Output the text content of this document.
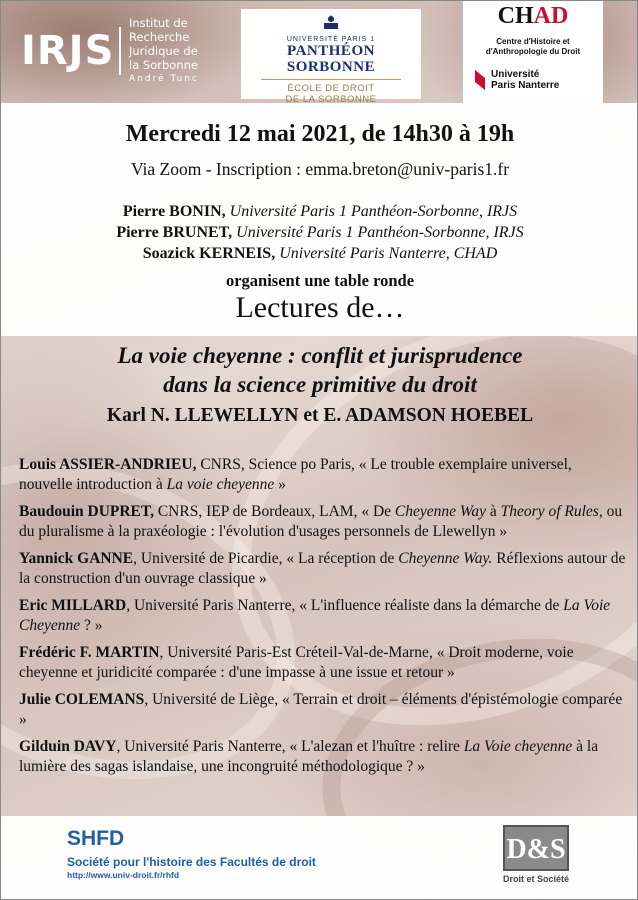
IRJS
Institut de
Recherche
Juridique de
la Sorbonne
André Tunc
UNIVERSITÉ PARIS 1
PANTHÉON SORBONNE
ÉCOLE DE DROIT
DE LA SORBONNE
CHAD
Centre d'Histoire et
d'Anthropologie du Droit
Université
Paris Nanterre
Mercredi 12 mai 2021, de 14h30 à 19h
Via Zoom - Inscription : emma.breton@univ-paris1.fr
Pierre BONIN, Université Paris 1 Panthéon-Sorbonne, IRJS
Pierre BRUNET, Université Paris 1 Panthéon-Sorbonne, IRJS
Soazick KERNEIS, Université Paris Nanterre, CHAD
organisent une table ronde
Lectures de…
La voie cheyenne : conflit et jurisprudence
dans la science primitive du droit
Karl N. LLEWELLYN et E. ADAMSON HOEBEL
Louis ASSIER-ANDRIEU, CNRS, Science po Paris, « Le trouble exemplaire universel, nouvelle introduction à La voie cheyenne »
Baudouin DUPRET, CNRS, IEP de Bordeaux, LAM, « De Cheyenne Way à Theory of Rules, ou du pluralisme à la praxéologie : l'évolution d'usages personnels de Llewellyn »
Yannick GANNE, Université de Picardie, « La réception de Cheyenne Way. Réflexions autour de la construction d'un ouvrage classique »
Eric MILLARD, Université Paris Nanterre, « L'influence réaliste dans la démarche de La Voie Cheyenne ? »
Frédéric F. MARTIN, Université Paris-Est Créteil-Val-de-Marne, « Droit moderne, voie cheyenne et juridicité comparée : d'une impasse à une issue et retour »
Julie COLEMANS, Université de Liège, « Terrain et droit – éléments d'épistémologie comparée »
Gilduin DAVY, Université Paris Nanterre, « L'alezan et l'huître : relire La Voie cheyenne à la lumière des sagas islandaise, une incongruité méthodologique ? »
SHFD
Société pour l'histoire des Facultés de droit
http://www.univ-droit.fr/rhfd
D&S
Droit et Société
